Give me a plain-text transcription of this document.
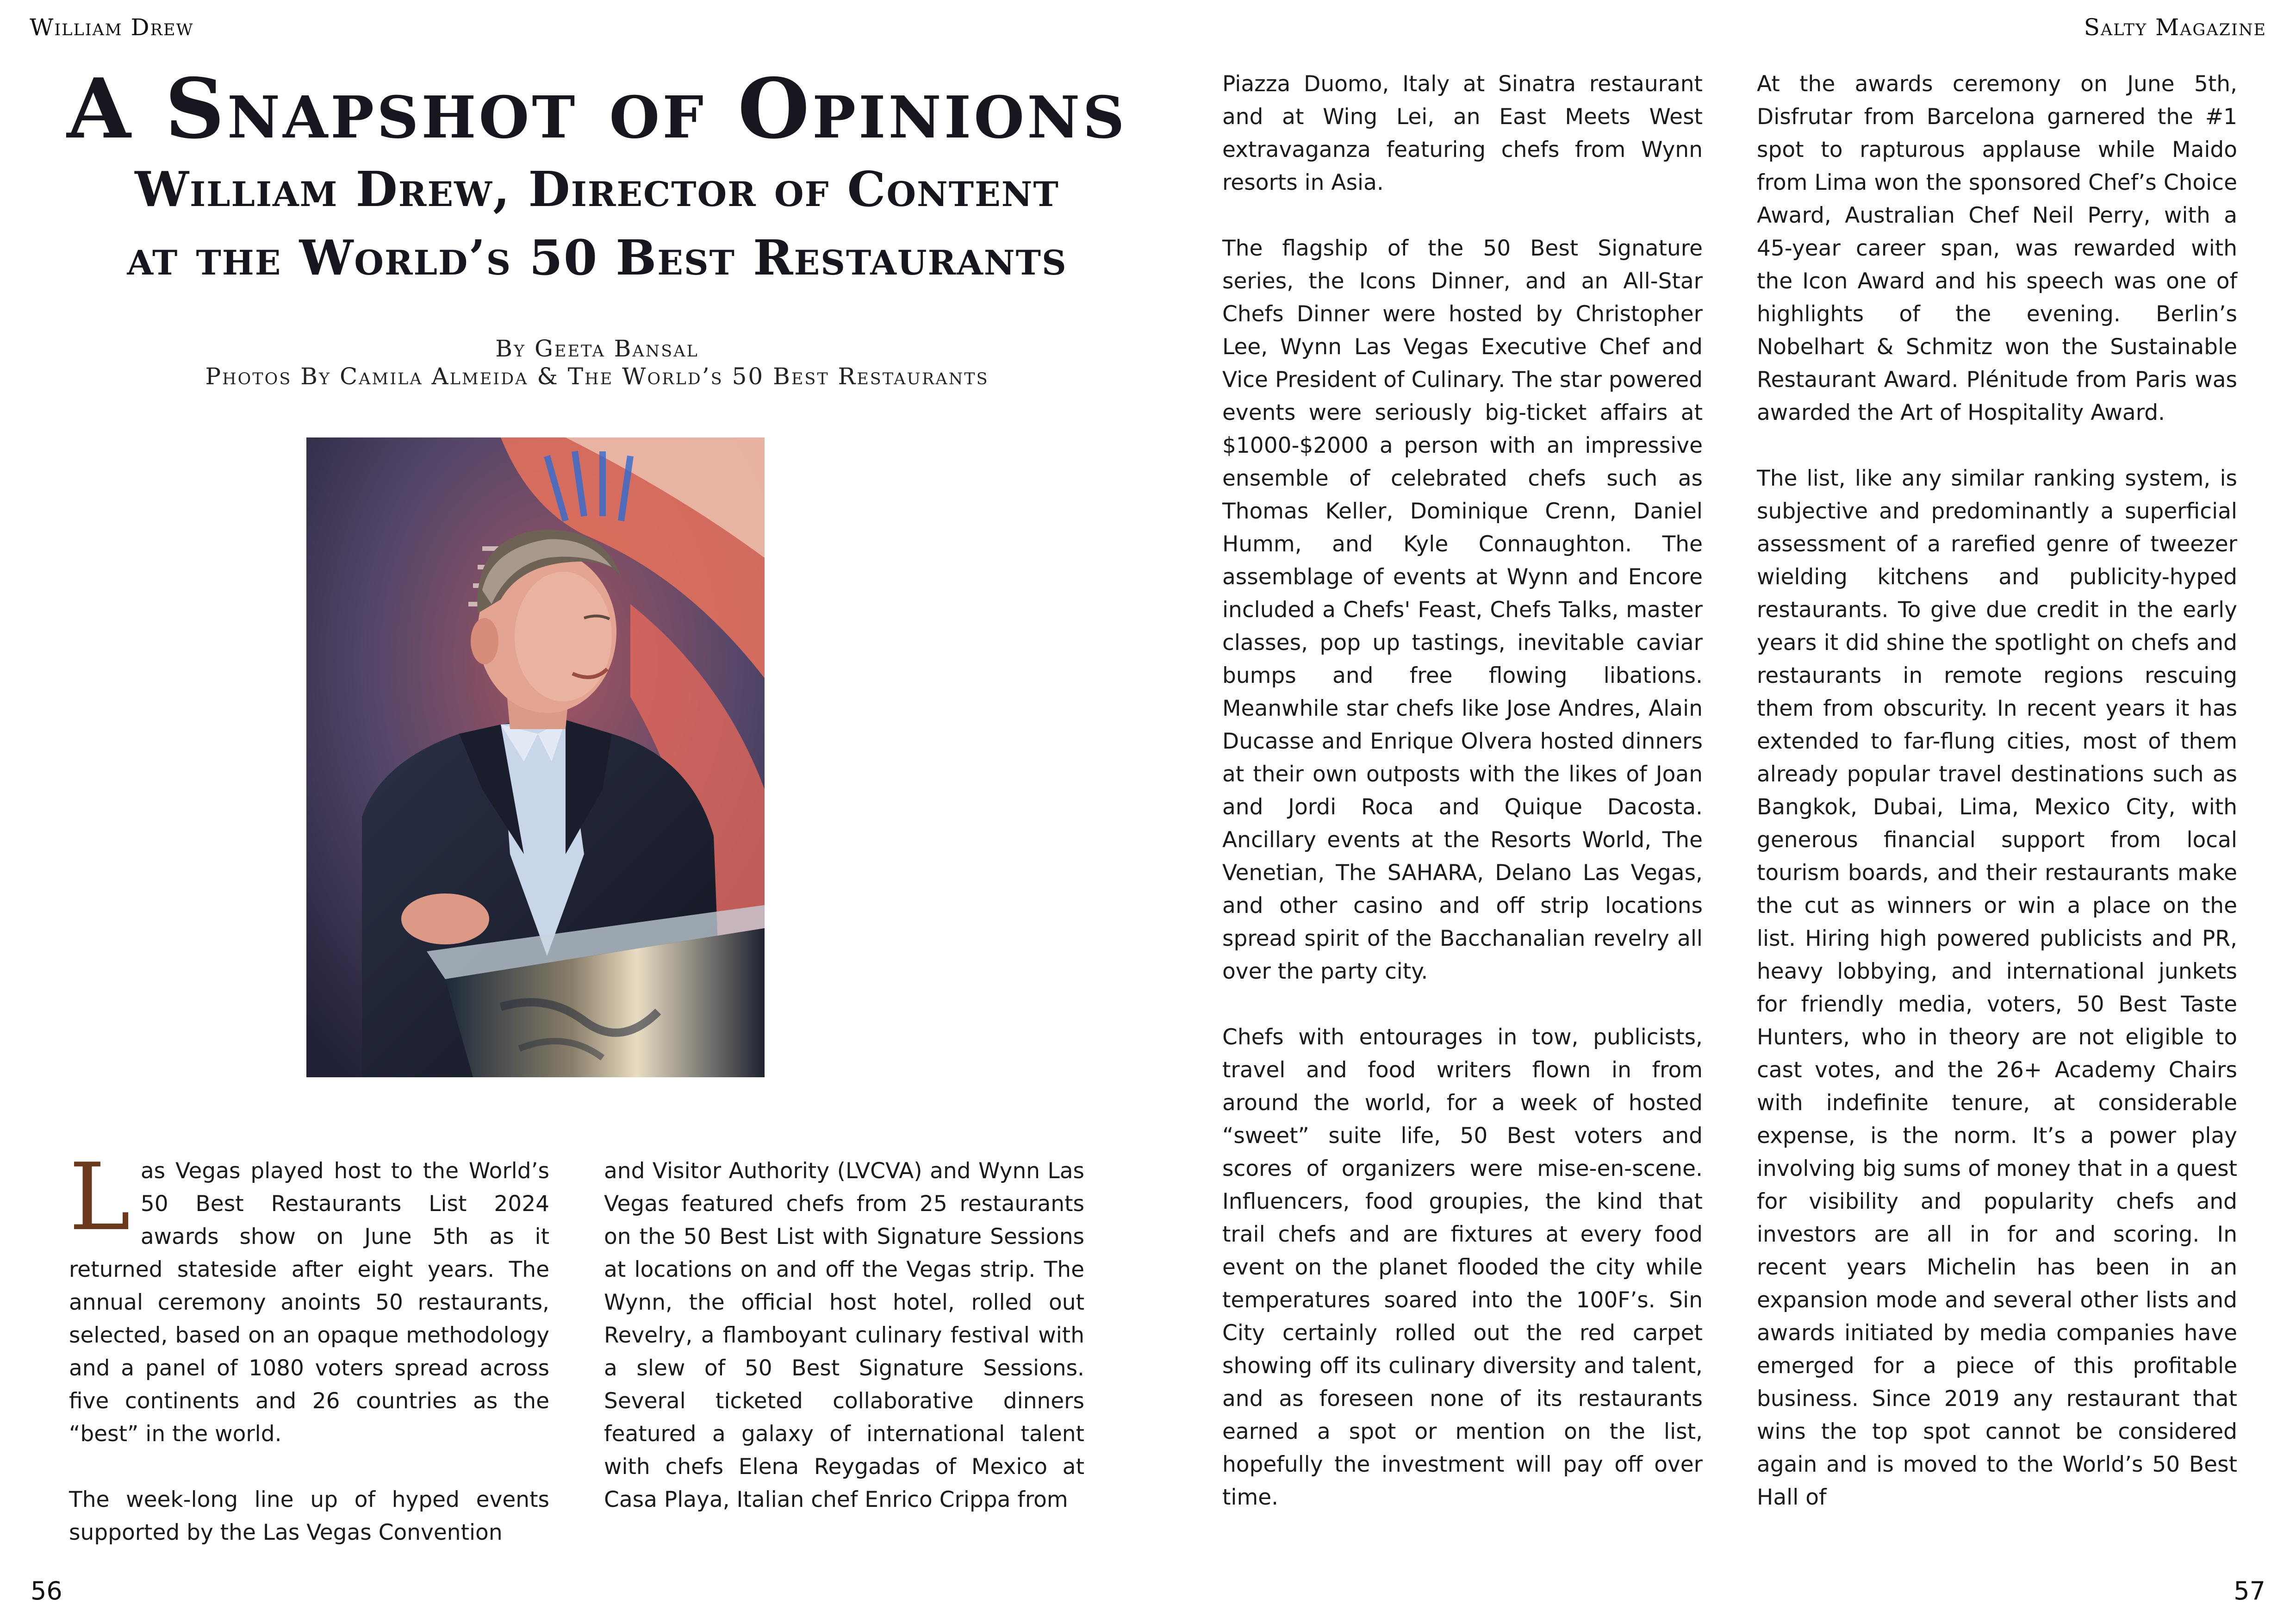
William Drew	Salty Magazine
A Snapshot of Opinions
William Drew, Director of Content
at the World’s 50 Best Restaurants
By Geeta Bansal
Photos By Camila Almeida & The World’s 50 Best Restaurants

Las Vegas played host to the World’s 50 Best Restaurants List 2024 awards show on June 5th as it returned stateside after eight years. The annual ceremony anoints 50 restaurants, selected, based on an opaque methodology and a panel of 1080 voters spread across five continents and 26 countries as the “best” in the world.

The week-long line up of hyped events supported by the Las Vegas Convention

and Visitor Authority (LVCVA) and Wynn Las Vegas featured chefs from 25 restaurants on the 50 Best List with Signature Sessions at locations on and off the Vegas strip. The Wynn, the official host hotel, rolled out Revelry, a flamboyant culinary festival with a slew of 50 Best Signature Sessions. Several ticketed collaborative dinners featured a galaxy of international talent with chefs Elena Reygadas of Mexico at Casa Playa, Italian chef Enrico Crippa from

Piazza Duomo, Italy at Sinatra restaurant and at Wing Lei, an East Meets West extravaganza featuring chefs from Wynn resorts in Asia.

The flagship of the 50 Best Signature series, the Icons Dinner, and an All-Star Chefs Dinner were hosted by Christopher Lee, Wynn Las Vegas Executive Chef and Vice President of Culinary. The star powered events were seriously big-ticket affairs at $1000-$2000 a person with an impressive ensemble of celebrated chefs such as Thomas Keller, Dominique Crenn, Daniel Humm, and Kyle Connaughton. The assemblage of events at Wynn and Encore included a Chefs' Feast, Chefs Talks, master classes, pop up tastings, inevitable caviar bumps and free flowing libations. Meanwhile star chefs like Jose Andres, Alain Ducasse and Enrique Olvera hosted dinners at their own outposts with the likes of Joan and Jordi Roca and Quique Dacosta. Ancillary events at the Resorts World, The Venetian, The SAHARA, Delano Las Vegas, and other casino and off strip locations spread spirit of the Bacchanalian revelry all over the party city.

Chefs with entourages in tow, publicists, travel and food writers flown in from around the world, for a week of hosted “sweet” suite life, 50 Best voters and scores of organizers were mise-en-scene. Influencers, food groupies, the kind that trail chefs and are fixtures at every food event on the planet flooded the city while temperatures soared into the 100F’s. Sin City certainly rolled out the red carpet showing off its culinary diversity and talent, and as foreseen none of its restaurants earned a spot or mention on the list, hopefully the investment will pay off over time.

At the awards ceremony on June 5th, Disfrutar from Barcelona garnered the #1 spot to rapturous applause while Maido from Lima won the sponsored Chef’s Choice Award, Australian Chef Neil Perry, with a 45-year career span, was rewarded with the Icon Award and his speech was one of highlights of the evening. Berlin’s Nobelhart & Schmitz won the Sustainable Restaurant Award. Plénitude from Paris was awarded the Art of Hospitality Award.

The list, like any similar ranking system, is subjective and predominantly a superficial assessment of a rarefied genre of tweezer wielding kitchens and publicity-hyped restaurants. To give due credit in the early years it did shine the spotlight on chefs and restaurants in remote regions rescuing them from obscurity. In recent years it has extended to far-flung cities, most of them already popular travel destinations such as Bangkok, Dubai, Lima, Mexico City, with generous financial support from local tourism boards, and their restaurants make the cut as winners or win a place on the list. Hiring high powered publicists and PR, heavy lobbying, and international junkets for friendly media, voters, 50 Best Taste Hunters, who in theory are not eligible to cast votes, and the 26+ Academy Chairs with indefinite tenure, at considerable expense, is the norm. It’s a power play involving big sums of money that in a quest for visibility and popularity chefs and investors are all in for and scoring. In recent years Michelin has been in an expansion mode and several other lists and awards initiated by media companies have emerged for a piece of this profitable business. Since 2019 any restaurant that wins the top spot cannot be considered again and is moved to the World’s 50 Best Hall of

56	57
